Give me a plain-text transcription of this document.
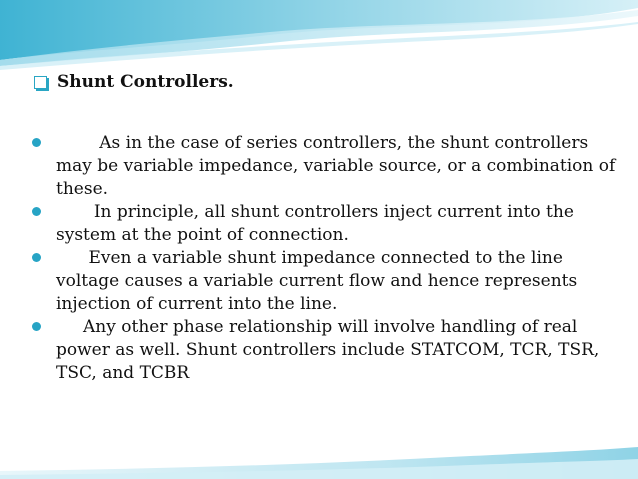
Shunt Controllers.
As in the case of series controllers, the shunt controllers may be variable impedance, variable source, or a combination of these.
In principle, all shunt controllers inject current into the system at the point of connection.
Even a variable shunt impedance connected to the line voltage causes a variable current flow and hence represents injection of current into the line.
Any other phase relationship will involve handling of real power as well. Shunt controllers include STATCOM, TCR, TSR, TSC, and TCBR
